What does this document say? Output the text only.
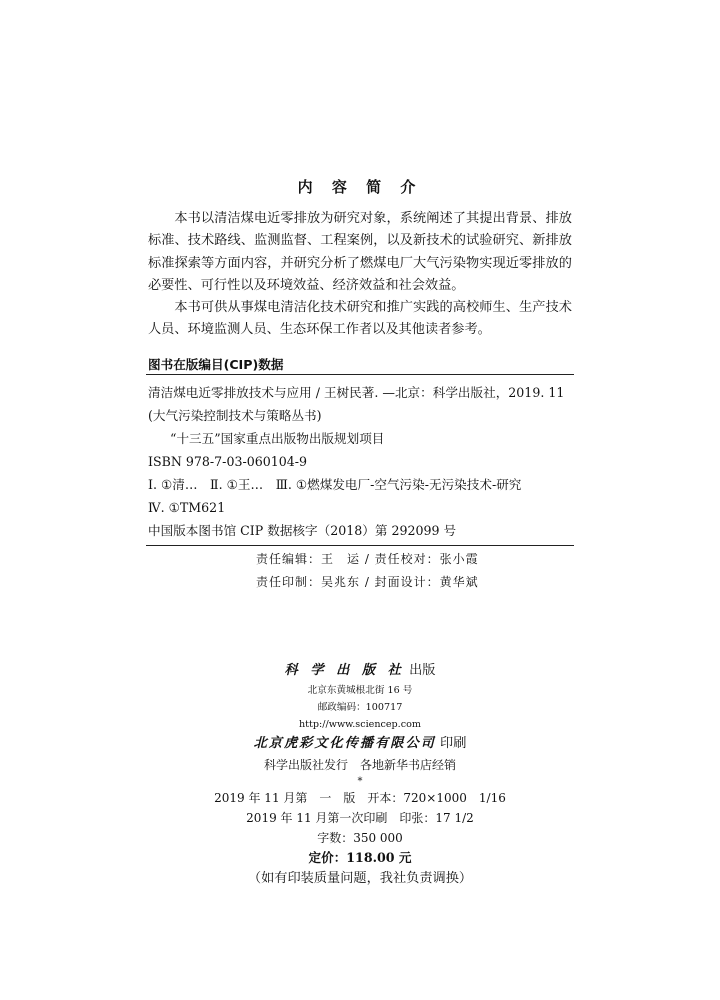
内 容 简 介

本书以清洁煤电近零排放为研究对象，系统阐述了其提出背景、排放标准、技术路线、监测监督、工程案例，以及新技术的试验研究、新排放标准探索等方面内容，并研究分析了燃煤电厂大气污染物实现近零排放的必要性、可行性以及环境效益、经济效益和社会效益。

本书可供从事煤电清洁化技术研究和推广实践的高校师生、生产技术人员、环境监测人员、生态环保工作者以及其他读者参考。

图书在版编目(CIP)数据
清洁煤电近零排放技术与应用 / 王树民著. —北京：科学出版社，2019. 11
(大气污染控制技术与策略丛书)
“十三五”国家重点出版物出版规划项目
ISBN 978-7-03-060104-9
Ⅰ. ①清…　Ⅱ. ①王…　Ⅲ. ①燃煤发电厂-空气污染-无污染技术-研究
Ⅳ. ①TM621
中国版本图书馆 CIP 数据核字（2018）第 292099 号
责任编辑：王　运 / 责任校对：张小霞
责任印制：吴兆东 / 封面设计：黄华斌
科 学 出 版 社 出版
北京东黄城根北街 16 号
邮政编码：100717
http://www.sciencep.com
北京虎彩文化传播有限公司 印刷
科学出版社发行　各地新华书店经销
*
2019 年 11 月第　一　版　开本：720×1000　1/16
2019 年 11 月第一次印刷　印张：17 1/2
字数：350 000
定价：118.00 元
（如有印装质量问题，我社负责调换）
